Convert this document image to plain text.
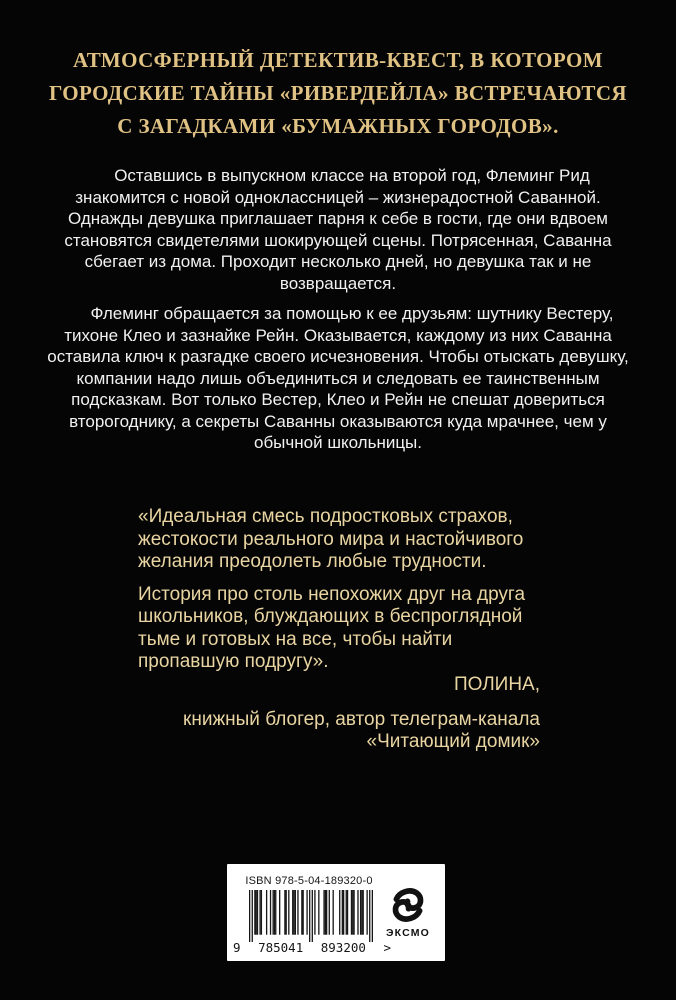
АТМОСФЕРНЫЙ ДЕТЕКТИВ-КВЕСТ, В КОТОРОМ
ГОРОДСКИЕ ТАЙНЫ «РИВЕРДЕЙЛА» ВСТРЕЧАЮТСЯ
С ЗАГАДКАМИ «БУМАЖНЫХ ГОРОДОВ».

Оставшись в выпускном классе на второй год, Флеминг Рид знакомится с новой одноклассницей – жизнерадостной Саванной. Однажды девушка приглашает парня к себе в гости, где они вдвоем становятся свидетелями шокирующей сцены. Потрясенная, Саванна сбегает из дома. Проходит несколько дней, но девушка так и не возвращается.

Флеминг обращается за помощью к ее друзьям: шутнику Вестеру, тихоне Клео и зазнайке Рейн. Оказывается, каждому из них Саванна оставила ключ к разгадке своего исчезновения. Чтобы отыскать девушку, компании надо лишь объединиться и следовать ее таинственным подсказкам. Вот только Вестер, Клео и Рейн не спешат довериться второгоднику, а секреты Саванны оказываются куда мрачнее, чем у обычной школьницы.

«Идеальная смесь подростковых страхов, жестокости реального мира и настойчивого желания преодолеть любые трудности.

История про столь непохожих друг на друга школьников, блуждающих в беспроглядной тьме и готовых на все, чтобы найти пропавшую подругу».

ПОЛИНА,
книжный блогер, автор телеграм-канала «Читающий домик»
ISBN 978-5-04-189320-0
9 785041 893200 >
ЭКСМО
